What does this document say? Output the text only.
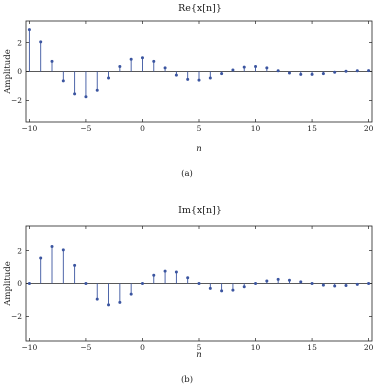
Re{x[n]}
Amplitude
n
(a)
−10	−5	0	5	10	15	20
−2
0
2
Im{x[n]}
Amplitude
n
(b)
−10	−5	0	5	10	15	20
−2
0
2
